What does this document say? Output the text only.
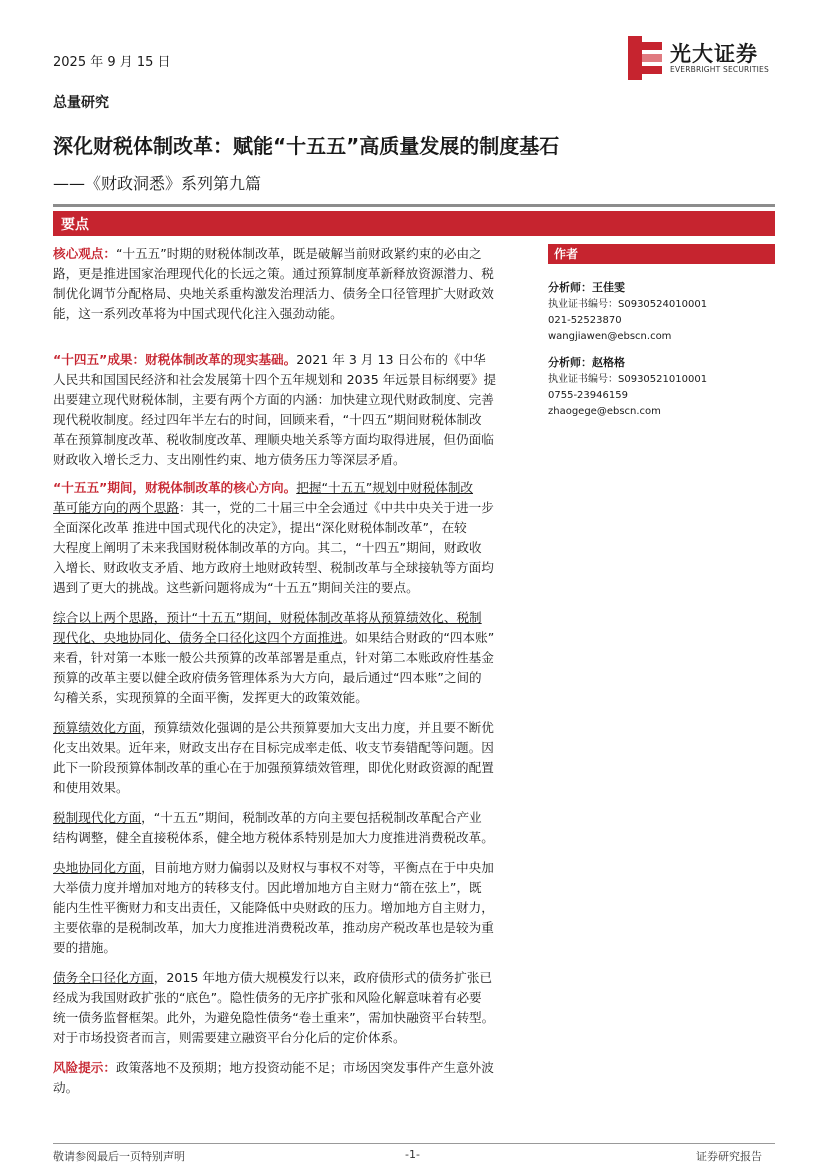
2025 年 9 月 15 日	光大证券
EVERBRIGHT SECURITIES
总量研究
深化财税体制改革：赋能“十五五”高质量发展的制度基石
——《财政洞悉》系列第九篇
要点

核心观点：“十五五”时期的财税体制改革，既是破解当前财政紧约束的必由之
路，更是推进国家治理现代化的长远之策。通过预算制度革新释放资源潜力、税
制优化调节分配格局、央地关系重构激发治理活力、债务全口径管理扩大财政效
能，这一系列改革将为中国式现代化注入强劲动能。

“十四五”成果：财税体制改革的现实基础。2021 年 3 月 13 日公布的《中华
人民共和国国民经济和社会发展第十四个五年规划和 2035 年远景目标纲要》提
出要建立现代财税体制，主要有两个方面的内涵：加快建立现代财政制度、完善
现代税收制度。经过四年半左右的时间，回顾来看，“十四五”期间财税体制改
革在预算制度改革、税收制度改革、理顺央地关系等方面均取得进展，但仍面临
财政收入增长乏力、支出刚性约束、地方债务压力等深层矛盾。

“十五五”期间，财税体制改革的核心方向。把握“十五五”规划中财税体制改
革可能方向的两个思路：其一，党的二十届三中全会通过《中共中央关于进一步
全面深化改革 推进中国式现代化的决定》，提出“深化财税体制改革”，在较
大程度上阐明了未来我国财税体制改革的方向。其二，“十四五”期间，财政收
入增长、财政收支矛盾、地方政府土地财政转型、税制改革与全球接轨等方面均
遇到了更大的挑战。这些新问题将成为“十五五”期间关注的要点。

综合以上两个思路，预计“十五五”期间，财税体制改革将从预算绩效化、税制
现代化、央地协同化、债务全口径化这四个方面推进。如果结合财政的“四本账”
来看，针对第一本账一般公共预算的改革部署是重点，针对第二本账政府性基金
预算的改革主要以健全政府债务管理体系为大方向，最后通过“四本账”之间的
勾稽关系，实现预算的全面平衡，发挥更大的政策效能。

预算绩效化方面，预算绩效化强调的是公共预算要加大支出力度，并且要不断优
化支出效果。近年来，财政支出存在目标完成率走低、收支节奏错配等问题。因
此下一阶段预算体制改革的重心在于加强预算绩效管理，即优化财政资源的配置
和使用效果。

税制现代化方面，“十五五”期间，税制改革的方向主要包括税制改革配合产业
结构调整，健全直接税体系，健全地方税体系特别是加大力度推进消费税改革。

央地协同化方面，目前地方财力偏弱以及财权与事权不对等，平衡点在于中央加
大举债力度并增加对地方的转移支付。因此增加地方自主财力“箭在弦上”，既
能内生性平衡财力和支出责任，又能降低中央财政的压力。增加地方自主财力，
主要依靠的是税制改革，加大力度推进消费税改革，推动房产税改革也是较为重
要的措施。

债务全口径化方面，2015 年地方债大规模发行以来，政府债形式的债务扩张已
经成为我国财政扩张的“底色”。隐性债务的无序扩张和风险化解意味着有必要
统一债务监督框架。此外，为避免隐性债务“卷土重来”，需加快融资平台转型。
对于市场投资者而言，则需要建立融资平台分化后的定价体系。

风险提示：政策落地不及预期；地方投资动能不足；市场因突发事件产生意外波
动。

作者
分析师：王佳雯
执业证书编号：S0930524010001
021-52523870
wangjiawen@ebscn.com
分析师：赵格格
执业证书编号：S0930521010001
0755-23946159
zhaogege@ebscn.com
敬请参阅最后一页特别声明	-1-	证券研究报告
